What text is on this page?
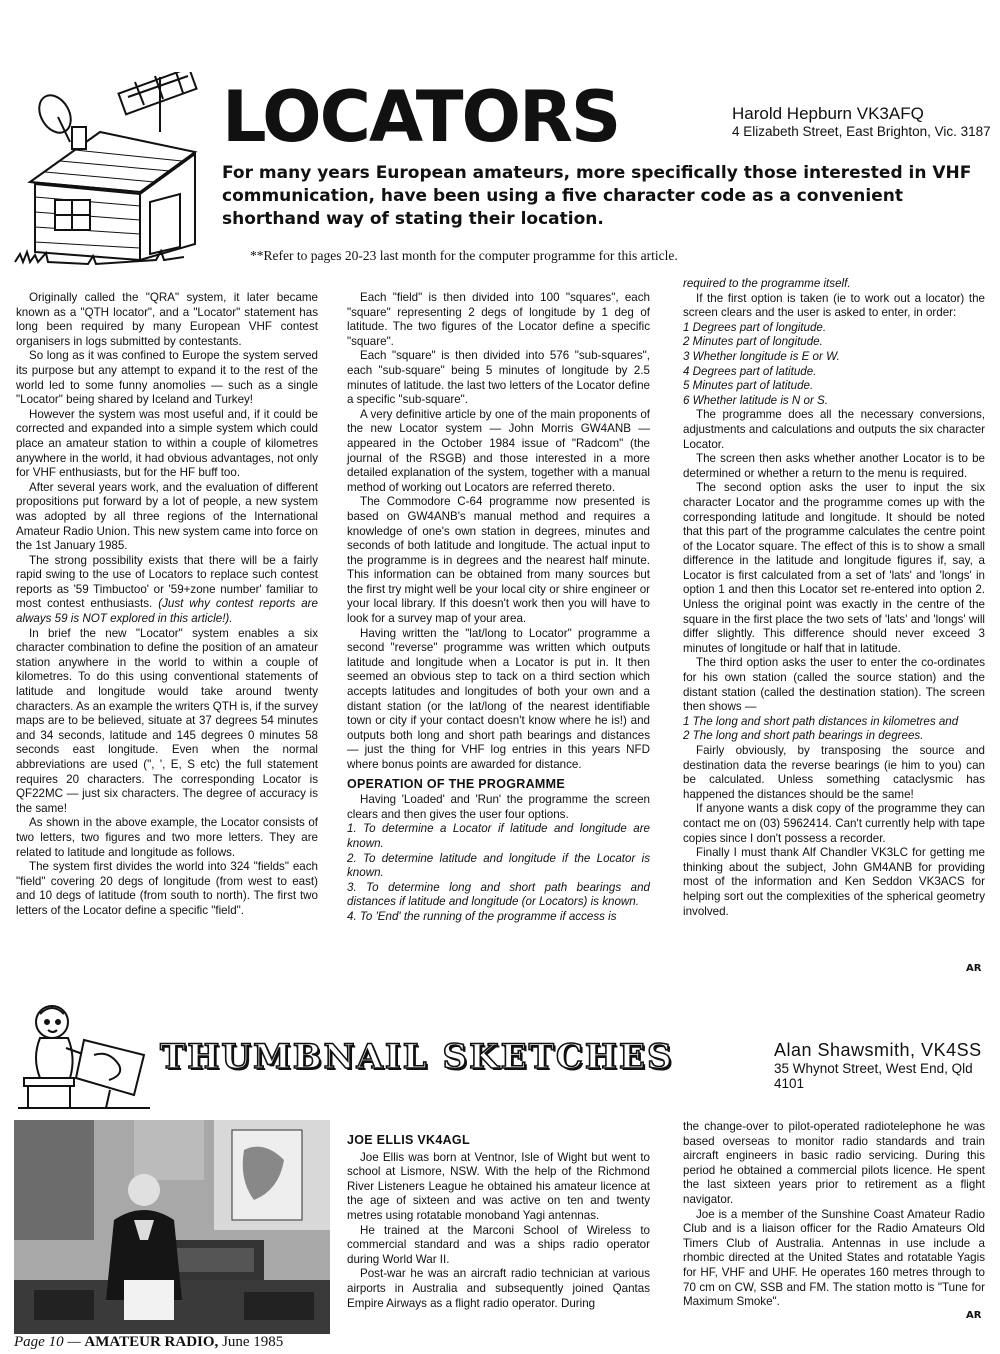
LOCATORS	Harold Hepburn VK3AFQ
4 Elizabeth Street, East Brighton, Vic. 3187
For many years European amateurs, more specifically those interested in VHF communication, have been using a five character code as a convenient shorthand way of stating their location.
**Refer to pages 20-23 last month for the computer programme for this article.

Originally called the "QRA" system, it later became known as a "QTH locator", and a "Locator" statement has long been required by many European VHF contest organisers in logs submitted by contestants.

So long as it was confined to Europe the system served its purpose but any attempt to expand it to the rest of the world led to some funny anomolies — such as a single "Locator" being shared by Iceland and Turkey!

However the system was most useful and, if it could be corrected and expanded into a simple system which could place an amateur station to within a couple of kilometres anywhere in the world, it had obvious advantages, not only for VHF enthusiasts, but for the HF buff too.

After several years work, and the evaluation of different propositions put forward by a lot of people, a new system was adopted by all three regions of the International Amateur Radio Union. This new system came into force on the 1st January 1985.

The strong possibility exists that there will be a fairly rapid swing to the use of Locators to replace such contest reports as '59 Timbuctoo' or '59+zone number' familiar to most contest enthusiasts. (Just why contest reports are always 59 is NOT explored in this article!).

In brief the new "Locator" system enables a six character combination to define the position of an amateur station anywhere in the world to within a couple of kilometres. To do this using conventional statements of latitude and longitude would take around twenty characters. As an example the writers QTH is, if the survey maps are to be believed, situate at 37 degrees 54 minutes and 34 seconds, latitude and 145 degrees 0 minutes 58 seconds east longitude. Even when the normal abbreviations are used (", ', E, S etc) the full statement requires 20 characters. The corresponding Locator is QF22MC — just six characters. The degree of accuracy is the same!

As shown in the above example, the Locator consists of two letters, two figures and two more letters. They are related to latitude and longitude as follows.

The system first divides the world into 324 "fields" each "field" covering 20 degs of longitude (from west to east) and 10 degs of latitude (from south to north). The first two letters of the Locator define a specific "field".

Each "field" is then divided into 100 "squares", each "square" representing 2 degs of longitude by 1 deg of latitude. The two figures of the Locator define a specific "square".

Each "square" is then divided into 576 "sub-squares", each "sub-square" being 5 minutes of longitude by 2.5 minutes of latitude. the last two letters of the Locator define a specific "sub-square".

A very definitive article by one of the main proponents of the new Locator system — John Morris GW4ANB — appeared in the October 1984 issue of "Radcom" (the journal of the RSGB) and those interested in a more detailed explanation of the system, together with a manual method of working out Locators are referred thereto.

The Commodore C-64 programme now presented is based on GW4ANB's manual method and requires a knowledge of one's own station in degrees, minutes and seconds of both latitude and longitude. The actual input to the programme is in degrees and the nearest half minute. This information can be obtained from many sources but the first try might well be your local city or shire engineer or your local library. If this doesn't work then you will have to look for a survey map of your area.

Having written the "lat/long to Locator" programme a second "reverse" programme was written which outputs latitude and longitude when a Locator is put in. It then seemed an obvious step to tack on a third section which accepts latitudes and longitudes of both your own and a distant station (or the lat/long of the nearest identifiable town or city if your contact doesn't know where he is!) and outputs both long and short path bearings and distances — just the thing for VHF log entries in this years NFD where bonus points are awarded for distance.

OPERATION OF THE PROGRAMME

Having 'Loaded' and 'Run' the programme the screen clears and then gives the user four options.

1. To determine a Locator if latitude and longitude are known.

2. To determine latitude and longitude if the Locator is known.

3. To determine long and short path bearings and distances if latitude and longitude (or Locators) is known.

4. To 'End' the running of the programme if access is

required to the programme itself.

If the first option is taken (ie to work out a locator) the screen clears and the user is asked to enter, in order:

1 Degrees part of longitude.

2 Minutes part of longitude.

3 Whether longitude is E or W.

4 Degrees part of latitude.

5 Minutes part of latitude.

6 Whether latitude is N or S.

The programme does all the necessary conversions, adjustments and calculations and outputs the six character Locator.

The screen then asks whether another Locator is to be determined or whether a return to the menu is required.

The second option asks the user to input the six character Locator and the programme comes up with the corresponding latitude and longitude. It should be noted that this part of the programme calculates the centre point of the Locator square. The effect of this is to show a small difference in the latitude and longitude figures if, say, a Locator is first calculated from a set of 'lats' and 'longs' in option 1 and then this Locator set re-entered into option 2. Unless the original point was exactly in the centre of the square in the first place the two sets of 'lats' and 'longs' will differ slightly. This difference should never exceed 3 minutes of longitude or half that in latitude.

The third option asks the user to enter the co-ordinates for his own station (called the source station) and the distant station (called the destination station). The screen then shows —

1 The long and short path distances in kilometres and

2 The long and short path bearings in degrees.

Fairly obviously, by transposing the source and destination data the reverse bearings (ie him to you) can be calculated. Unless something cataclysmic has happened the distances should be the same!

If anyone wants a disk copy of the programme they can contact me on (03) 5962414. Can't currently help with tape copies since I don't possess a recorder.

Finally I must thank Alf Chandler VK3LC for getting me thinking about the subject, John GM4ANB for providing most of the information and Ken Seddon VK3ACS for helping sort out the complexities of the spherical geometry involved.

AR
THUMBNAIL SKETCHES	Alan Shawsmith, VK4SS
35 Whynot Street, West End, Qld 4101
JOE ELLIS VK4AGL

Joe Ellis was born at Ventnor, Isle of Wight but went to school at Lismore, NSW. With the help of the Richmond River Listeners League he obtained his amateur licence at the age of sixteen and was active on ten and twenty metres using rotatable monoband Yagi antennas.

He trained at the Marconi School of Wireless to commercial standard and was a ships radio operator during World War II.

Post-war he was an aircraft radio technician at various airports in Australia and subsequently joined Qantas Empire Airways as a flight radio operator. During

the change-over to pilot-operated radiotelephone he was based overseas to monitor radio standards and train aircraft engineers in basic radio servicing. During this period he obtained a commercial pilots licence. He spent the last sixteen years prior to retirement as a flight navigator.

Joe is a member of the Sunshine Coast Amateur Radio Club and is a liaison officer for the Radio Amateurs Old Timers Club of Australia. Antennas in use include a rhombic directed at the United States and rotatable Yagis for HF, VHF and UHF. He operates 160 metres through to 70 cm on CW, SSB and FM. The station motto is "Tune for Maximum Smoke".

AR
Page 10 — AMATEUR RADIO, June 1985
